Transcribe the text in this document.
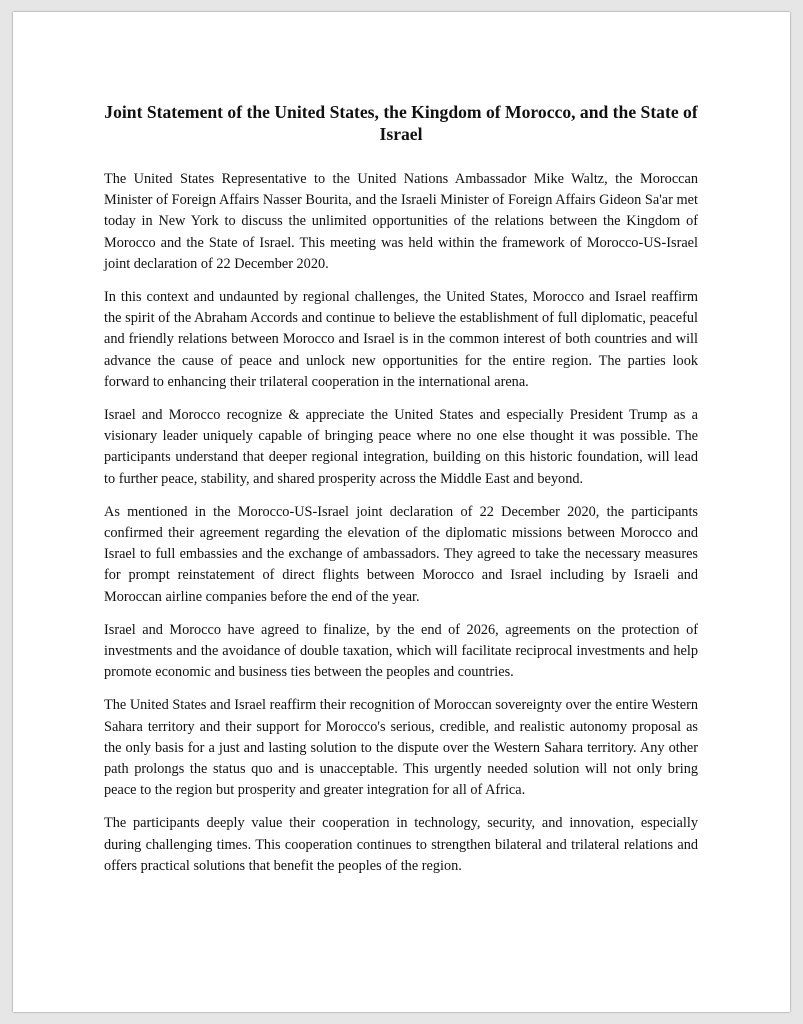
Joint Statement of the United States, the Kingdom of Morocco, and the State of Israel

The United States Representative to the United Nations Ambassador Mike Waltz, the Moroccan Minister of Foreign Affairs Nasser Bourita, and the Israeli Minister of Foreign Affairs Gideon Sa'ar met today in New York to discuss the unlimited opportunities of the relations between the Kingdom of Morocco and the State of Israel. This meeting was held within the framework of Morocco-US-Israel joint declaration of 22 December 2020.

In this context and undaunted by regional challenges, the United States, Morocco and Israel reaffirm the spirit of the Abraham Accords and continue to believe the establishment of full diplomatic, peaceful and friendly relations between Morocco and Israel is in the common interest of both countries and will advance the cause of peace and unlock new opportunities for the entire region. The parties look forward to enhancing their trilateral cooperation in the international arena.

Israel and Morocco recognize & appreciate the United States and especially President Trump as a visionary leader uniquely capable of bringing peace where no one else thought it was possible. The participants understand that deeper regional integration, building on this historic foundation, will lead to further peace, stability, and shared prosperity across the Middle East and beyond.

As mentioned in the Morocco-US-Israel joint declaration of 22 December 2020, the participants confirmed their agreement regarding the elevation of the diplomatic missions between Morocco and Israel to full embassies and the exchange of ambassadors. They agreed to take the necessary measures for prompt reinstatement of direct flights between Morocco and Israel including by Israeli and Moroccan airline companies before the end of the year.

Israel and Morocco have agreed to finalize, by the end of 2026, agreements on the protection of investments and the avoidance of double taxation, which will facilitate reciprocal investments and help promote economic and business ties between the peoples and countries.

The United States and Israel reaffirm their recognition of Moroccan sovereignty over the entire Western Sahara territory and their support for Morocco's serious, credible, and realistic autonomy proposal as the only basis for a just and lasting solution to the dispute over the Western Sahara territory. Any other path prolongs the status quo and is unacceptable. This urgently needed solution will not only bring peace to the region but prosperity and greater integration for all of Africa.

The participants deeply value their cooperation in technology, security, and innovation, especially during challenging times. This cooperation continues to strengthen bilateral and trilateral relations and offers practical solutions that benefit the peoples of the region.
